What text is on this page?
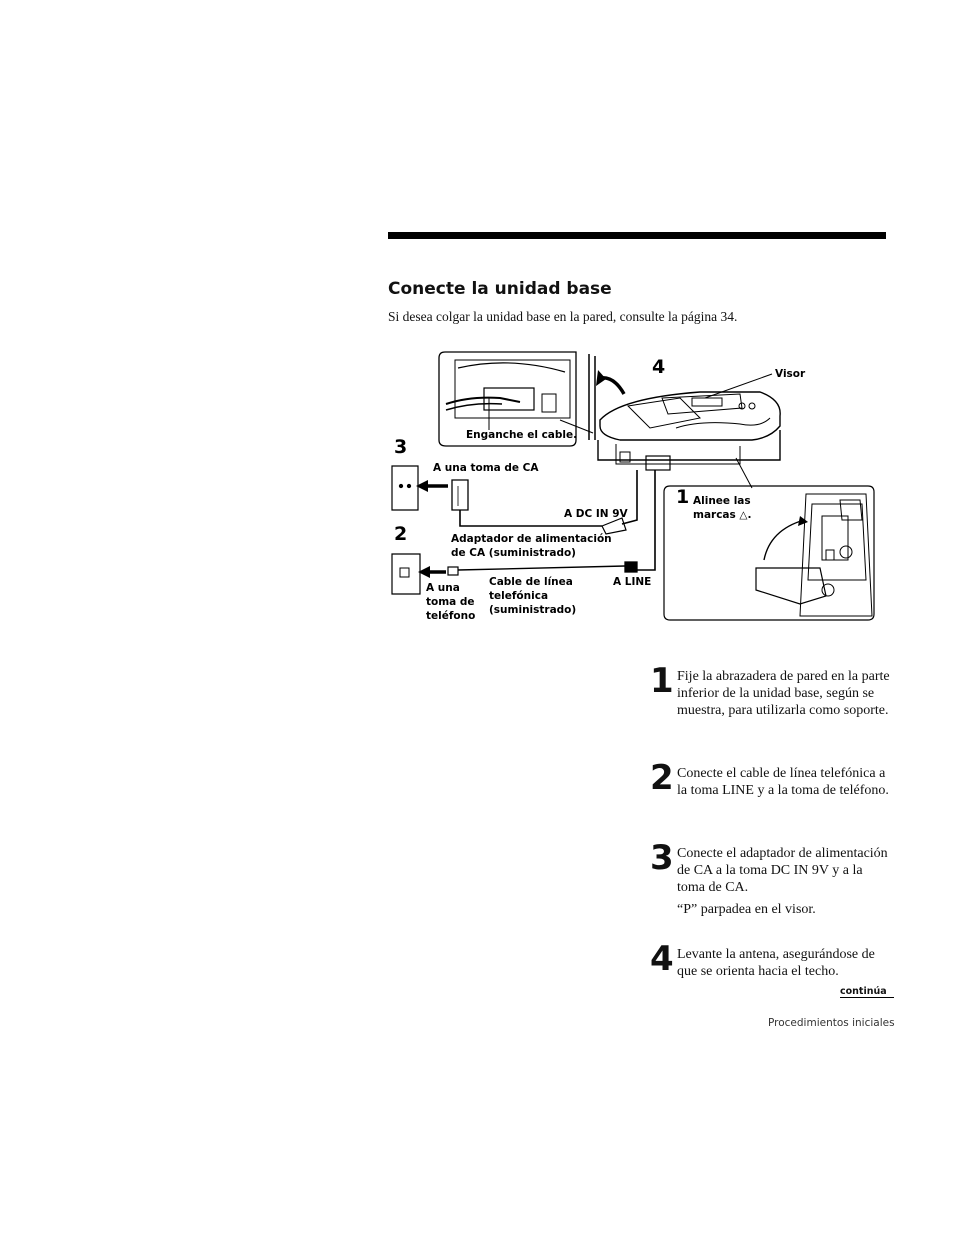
Conecte la unidad base
Si desea colgar la unidad base en la pared, consulte la página 34.
4	Visor
Enganche el cable.
3
A una toma de CA
A DC IN 9V
2	Adaptador de alimentación
de CA (suministrado)
Cable de línea
telefónica
(suministrado)
A LINE
A una
toma de
teléfono
1 Alinee las
marcas △.
1 Fije la abrazadera de pared en la parte inferior de la unidad base, según se muestra, para utilizarla como soporte.
2 Conecte el cable de línea telefónica a la toma LINE y a la toma de teléfono.
3 Conecte el adaptador de alimentación de CA a la toma DC IN 9V y a la toma de CA.
“P” parpadea en el visor.
4 Levante la antena, asegurándose de que se orienta hacia el techo.
continúa
Procedimientos iniciales
